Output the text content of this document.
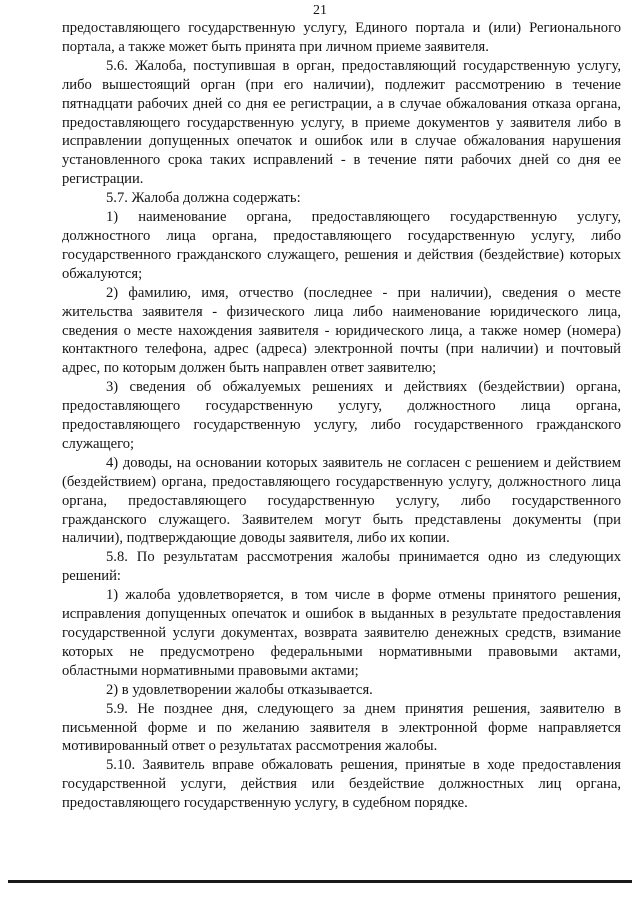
21

предоставляющего государственную услугу, Единого портала и (или) Регионального портала, а также может быть принята при личном приеме заявителя.

5.6. Жалоба, поступившая в орган, предоставляющий государственную услугу, либо вышестоящий орган (при его наличии), подлежит рассмотрению в течение пятнадцати рабочих дней со дня ее регистрации, а в случае обжалования отказа органа, предоставляющего государственную услугу, в приеме документов у заявителя либо в исправлении допущенных опечаток и ошибок или в случае обжалования нарушения установленного срока таких исправлений - в течение пяти рабочих дней со дня ее регистрации.

5.7. Жалоба должна содержать:

1) наименование органа, предоставляющего государственную услугу, должностного лица органа, предоставляющего государственную услугу, либо государственного гражданского служащего, решения и действия (бездействие) которых обжалуются;

2) фамилию, имя, отчество (последнее - при наличии), сведения о месте жительства заявителя - физического лица либо наименование юридического лица, сведения о месте нахождения заявителя - юридического лица, а также номер (номера) контактного телефона, адрес (адреса) электронной почты (при наличии) и почтовый адрес, по которым должен быть направлен ответ заявителю;

3) сведения об обжалуемых решениях и действиях (бездействии) органа, предоставляющего государственную услугу, должностного лица органа, предоставляющего государственную услугу, либо государственного гражданского служащего;

4) доводы, на основании которых заявитель не согласен с решением и действием (бездействием) органа, предоставляющего государственную услугу, должностного лица органа, предоставляющего государственную услугу, либо государственного гражданского служащего. Заявителем могут быть представлены документы (при наличии), подтверждающие доводы заявителя, либо их копии.

5.8. По результатам рассмотрения жалобы принимается одно из следующих решений:

1) жалоба удовлетворяется, в том числе в форме отмены принятого решения, исправления допущенных опечаток и ошибок в выданных в результате предоставления государственной услуги документах, возврата заявителю денежных средств, взимание которых не предусмотрено федеральными нормативными правовыми актами, областными нормативными правовыми актами;

2) в удовлетворении жалобы отказывается.

5.9. Не позднее дня, следующего за днем принятия решения, заявителю в письменной форме и по желанию заявителя в электронной форме направляется мотивированный ответ о результатах рассмотрения жалобы.

5.10. Заявитель вправе обжаловать решения, принятые в ходе предоставления государственной услуги, действия или бездействие должностных лиц органа, предоставляющего государственную услугу, в судебном порядке.
